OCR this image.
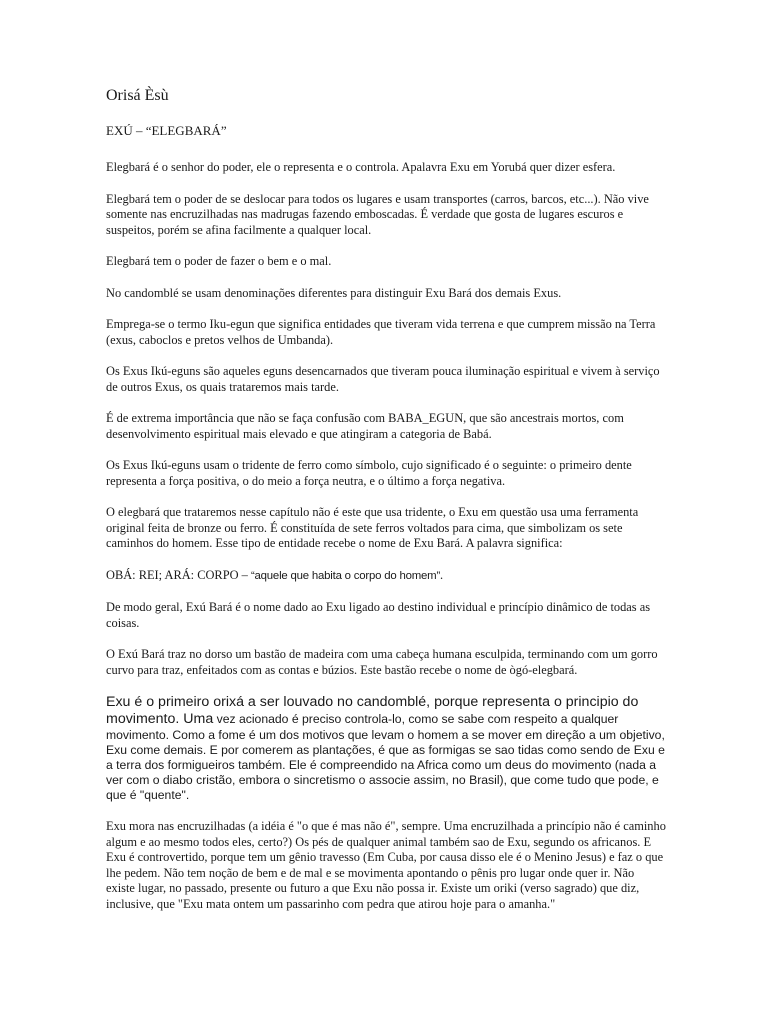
Orisá Èsù
EXÚ – “ELEGBARÁ”

Elegbará é o senhor do poder, ele o representa e o controla. Apalavra Exu em Yorubá quer dizer esfera.

Elegbará tem o poder de se deslocar para todos os lugares e usam transportes (carros, barcos, etc...). Não vive somente nas encruzilhadas nas madrugas fazendo emboscadas. É verdade que gosta de lugares escuros e suspeitos, porém se afina facilmente a qualquer local.

Elegbará tem o poder de fazer o bem e o mal.

No candomblé se usam denominações diferentes para distinguir Exu Bará dos demais Exus.

Emprega-se o termo Iku-egun que significa entidades que tiveram vida terrena e que cumprem missão na Terra (exus, caboclos e pretos velhos de Umbanda).

Os Exus Ikú-eguns são aqueles eguns desencarnados que tiveram pouca iluminação espiritual e vivem à serviço de outros Exus, os quais trataremos mais tarde.

É de extrema importância que não se faça confusão com BABA_EGUN, que são ancestrais mortos, com desenvolvimento espiritual mais elevado e que atingiram a categoria de Babá.

Os Exus Ikú-eguns usam o tridente de ferro como símbolo, cujo significado é o seguinte: o primeiro dente representa a força positiva, o do meio a força neutra, e o último a força negativa.

O elegbará que trataremos nesse capítulo não é este que usa tridente, o Exu em questão usa uma ferramenta original feita de bronze ou ferro. É constituída de sete ferros voltados para cima, que simbolizam os sete caminhos do homem. Esse tipo de entidade recebe o nome de Exu Bará. A palavra significa:

OBÁ: REI; ARÁ: CORPO – “aquele que habita o corpo do homem”.

De modo geral, Exú Bará é o nome dado ao Exu ligado ao destino individual e princípio dinâmico de todas as coisas.

O Exú Bará traz no dorso um bastão de madeira com uma cabeça humana esculpida, terminando com um gorro curvo para traz, enfeitados com as contas e búzios. Este bastão recebe o nome de ògó-elegbará.

Exu é o primeiro orixá a ser louvado no candomblé, porque representa o principio do movimento. Uma vez acionado é preciso controla-lo, como se sabe com respeito a qualquer movimento. Como a fome é um dos motivos que levam o homem a se mover em direção a um objetivo, Exu come demais. E por comerem as plantações, é que as formigas se sao tidas como sendo de Exu e a terra dos formigueiros também. Ele é compreendido na Africa como um deus do movimento (nada a ver com o diabo cristão, embora o sincretismo o associe assim, no Brasil), que come tudo que pode, e que é "quente".

Exu mora nas encruzilhadas (a idéia é "o que é mas não é", sempre. Uma encruzilhada a princípio não é caminho algum e ao mesmo todos eles, certo?) Os pés de qualquer animal também sao de Exu, segundo os africanos. E Exu é controvertido, porque tem um gênio travesso (Em Cuba, por causa disso ele é o Menino Jesus) e faz o que lhe pedem. Não tem noção de bem e de mal e se movimenta apontando o pênis pro lugar onde quer ir. Não existe lugar, no passado, presente ou futuro a que Exu não possa ir. Existe um oriki (verso sagrado) que diz, inclusive, que "Exu mata ontem um passarinho com pedra que atirou hoje para o amanha."
